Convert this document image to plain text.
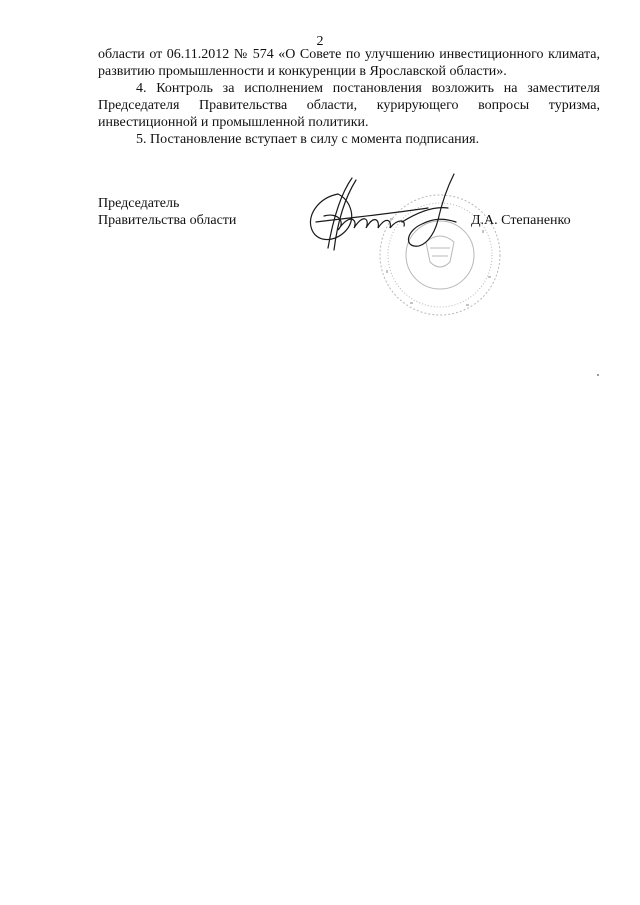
2

области от 06.11.2012 № 574 «О Совете по улучшению инвестиционного климата, развитию промышленности и конкуренции в Ярославской области».

4. Контроль за исполнением постановления возложить на заместителя Председателя Правительства области, курирующего вопросы туризма, инвестиционной и промышленной политики.

5. Постановление вступает в силу с момента подписания.

Председатель
Правительства области	Д.А. Степаненко
